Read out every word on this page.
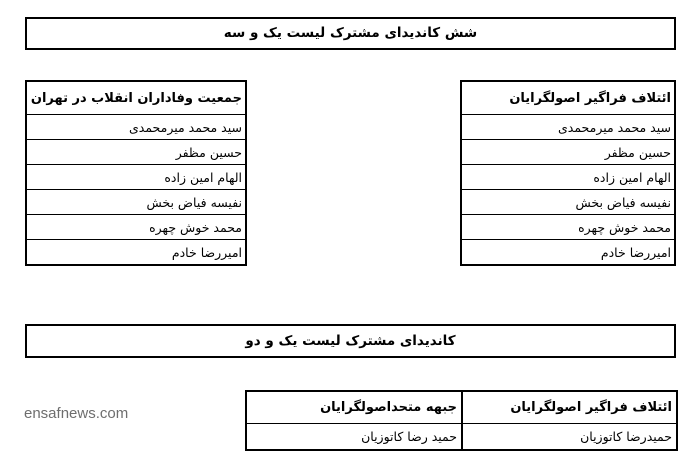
شش کاندیدای مشترک لیست یک و سه
جمعیت وفاداران انقلاب در تهران
سید محمد میرمحمدی
حسین مظفر
الهام امین زاده
نفیسه فیاض بخش
محمد خوش چهره
امیررضا خادم
ائتلاف فراگیر اصولگرایان
سید محمد میرمحمدی
حسین مظفر
الهام امین زاده
نفیسه فیاض بخش
محمد خوش چهره
امیررضا خادم
کاندیدای مشترک لیست یک و دو
ائتلاف فراگیر اصولگرایان	جبهه متحداصولگرایان
حمیدرضا کاتوزیان	حمید رضا کاتوزیان
ensafnews.com
